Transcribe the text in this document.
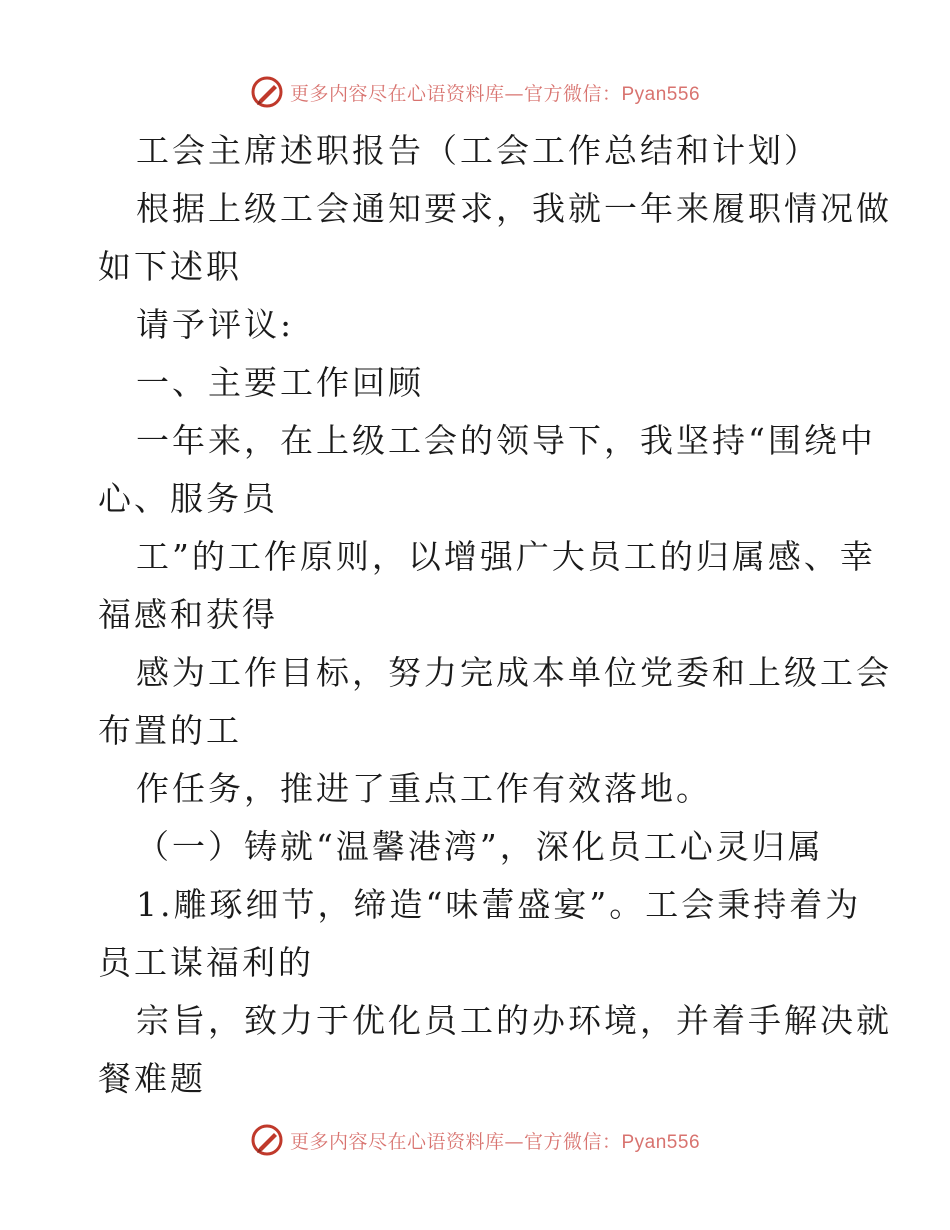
更多内容尽在心语资料库—官方微信：Pyan556
工会主席述职报告（工会工作总结和计划）
根据上级工会通知要求，我就一年来履职情况做
如下述职
请予评议:
一、主要工作回顾
一年来，在上级工会的领导下，我坚持“围绕中
心、服务员
工”的工作原则，以增强广大员工的归属感、幸
福感和获得
感为工作目标，努力完成本单位党委和上级工会
布置的工
作任务，推进了重点工作有效落地。
（一）铸就“温馨港湾”，深化员工心灵归属
1.雕琢细节，缔造“味蕾盛宴”。工会秉持着为
员工谋福利的
宗旨，致力于优化员工的办环境，并着手解决就
餐难题
更多内容尽在心语资料库—官方微信：Pyan556
